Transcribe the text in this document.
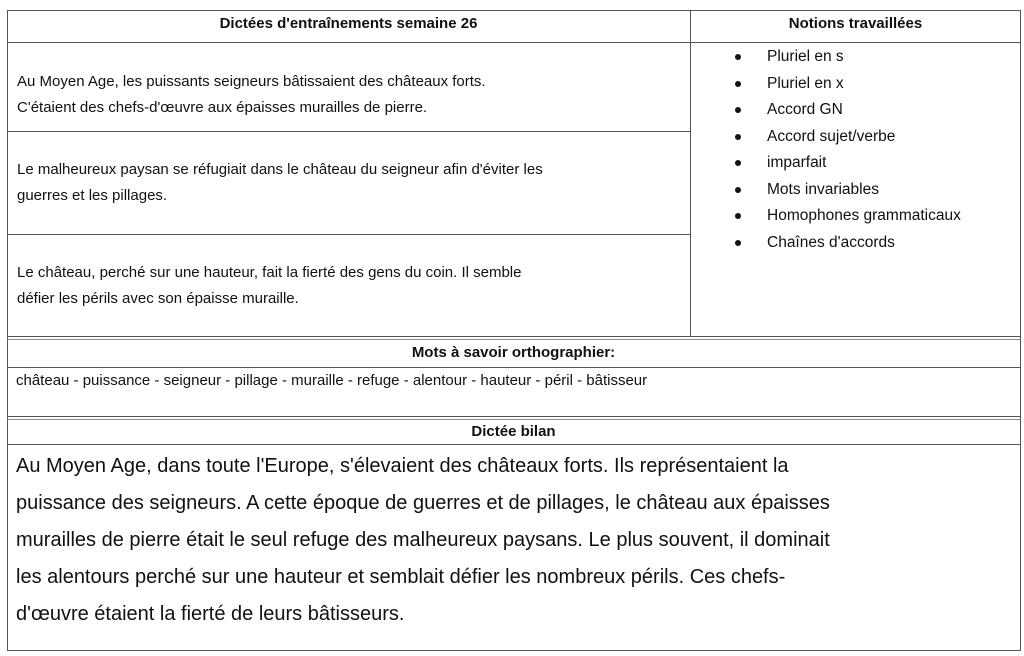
Dictées d'entraînements semaine 26	Notions travaillées
Au Moyen Age, les puissants seigneurs bâtissaient des châteaux forts.
C'étaient des chefs-d'œuvre aux épaisses murailles de pierre.
Le malheureux paysan se réfugiait dans le château du seigneur afin d'éviter les
guerres et les pillages.
Le château, perché sur une hauteur, fait la fierté des gens du coin. Il semble
défier les périls avec son épaisse muraille.
Pluriel en s
Pluriel en x
Accord GN
Accord sujet/verbe
imparfait
Mots invariables
Homophones grammaticaux
Chaînes d'accords
Mots à savoir orthographier:
château - puissance - seigneur - pillage - muraille - refuge - alentour - hauteur - péril - bâtisseur
Dictée bilan
Au Moyen Age, dans toute l'Europe, s'élevaient des châteaux forts. Ils représentaient la
puissance des seigneurs. A cette époque de guerres et de pillages, le château aux épaisses
murailles de pierre était le seul refuge des malheureux paysans. Le plus souvent, il dominait
les alentours perché sur une hauteur et semblait défier les nombreux périls. Ces chefs-
d'œuvre étaient la fierté de leurs bâtisseurs.
